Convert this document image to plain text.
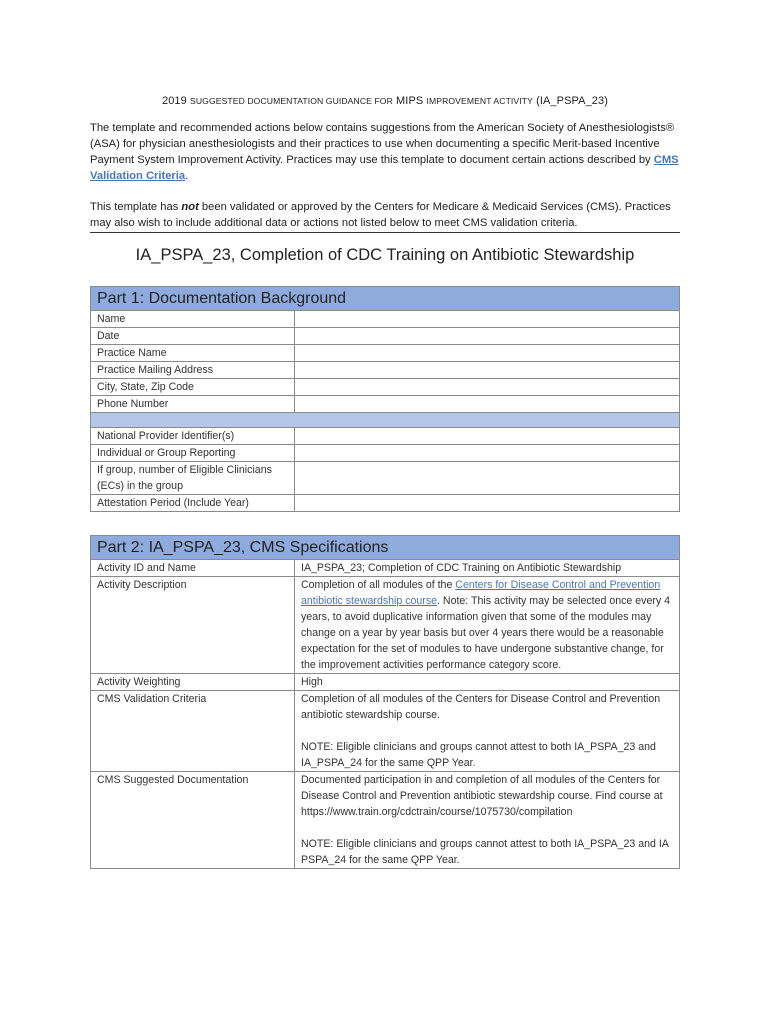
2019 SUGGESTED DOCUMENTATION GUIDANCE FOR MIPS IMPROVEMENT ACTIVITY (IA_PSPA_23)

The template and recommended actions below contains suggestions from the American Society of Anesthesiologists® (ASA) for physician anesthesiologists and their practices to use when documenting a specific Merit-based Incentive Payment System Improvement Activity. Practices may use this template to document certain actions described by CMS Validation Criteria.

This template has not been validated or approved by the Centers for Medicare & Medicaid Services (CMS). Practices may also wish to include additional data or actions not listed below to meet CMS validation criteria.
IA_PSPA_23, Completion of CDC Training on Antibiotic Stewardship
Part 1: Documentation Background	
Name	
Date	
Practice Name	
Practice Mailing Address	
City, State, Zip Code	
Phone Number	

National Provider Identifier(s)	
Individual or Group Reporting	
If group, number of Eligible Clinicians (ECs) in the group	
Attestation Period (Include Year)	
Part 2: IA_PSPA_23, CMS Specifications	
Activity ID and Name	IA_PSPA_23; Completion of CDC Training on Antibiotic Stewardship
Activity Description	Completion of all modules of the Centers for Disease Control and Prevention antibiotic stewardship course. Note: This activity may be selected once every 4 years, to avoid duplicative information given that some of the modules may change on a year by year basis but over 4 years there would be a reasonable expectation for the set of modules to have undergone substantive change, for the improvement activities performance category score.
Activity Weighting	High
CMS Validation Criteria	Completion of all modules of the Centers for Disease Control and Prevention antibiotic stewardship course.
NOTE: Eligible clinicians and groups cannot attest to both IA_PSPA_23 and IA_PSPA_24 for the same QPP Year.
CMS Suggested Documentation	Documented participation in and completion of all modules of the Centers for Disease Control and Prevention antibiotic stewardship course. Find course at https://www.train.org/cdctrain/course/1075730/compilation
NOTE: Eligible clinicians and groups cannot attest to both IA_PSPA_23 and IA PSPA_24 for the same QPP Year.
